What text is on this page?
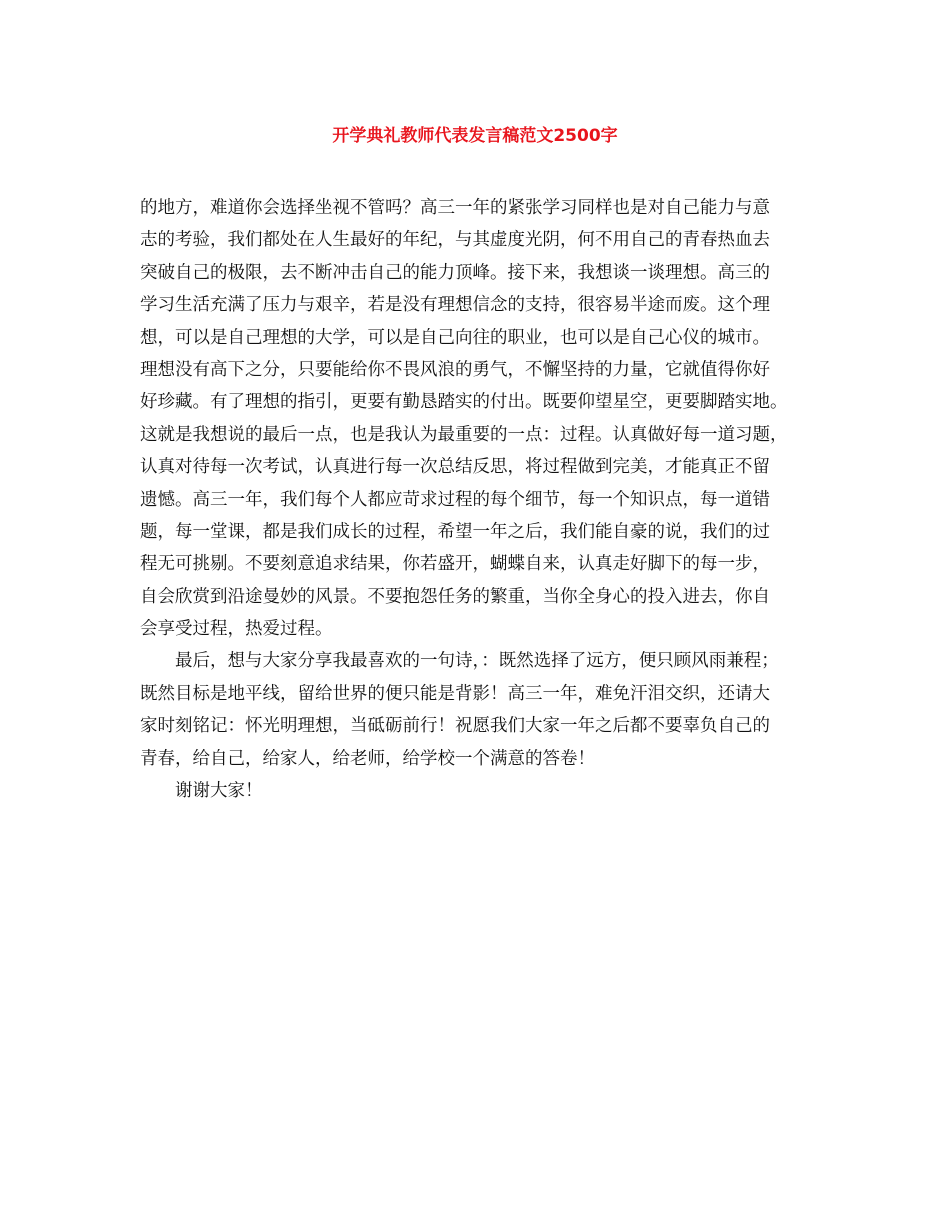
开学典礼教师代表发言稿范文2500字
的地方，难道你会选择坐视不管吗？高三一年的紧张学习同样也是对自己能力与意
志的考验，我们都处在人生最好的年纪，与其虚度光阴，何不用自己的青春热血去
突破自己的极限，去不断冲击自己的能力顶峰。接下来，我想谈一谈理想。高三的
学习生活充满了压力与艰辛，若是没有理想信念的支持，很容易半途而废。这个理
想，可以是自己理想的大学，可以是自己向往的职业，也可以是自己心仪的城市。
理想没有高下之分，只要能给你不畏风浪的勇气，不懈坚持的力量，它就值得你好
好珍藏。有了理想的指引，更要有勤恳踏实的付出。既要仰望星空，更要脚踏实地。
这就是我想说的最后一点，也是我认为最重要的一点：过程。认真做好每一道习题，
认真对待每一次考试，认真进行每一次总结反思，将过程做到完美，才能真正不留
遗憾。高三一年，我们每个人都应苛求过程的每个细节，每一个知识点，每一道错
题，每一堂课，都是我们成长的过程，希望一年之后，我们能自豪的说，我们的过
程无可挑剔。不要刻意追求结果，你若盛开，蝴蝶自来，认真走好脚下的每一步，
自会欣赏到沿途曼妙的风景。不要抱怨任务的繁重，当你全身心的投入进去，你自
会享受过程，热爱过程。
最后，想与大家分享我最喜欢的一句诗，：既然选择了远方，便只顾风雨兼程；
既然目标是地平线，留给世界的便只能是背影！高三一年，难免汗泪交织，还请大
家时刻铭记：怀光明理想，当砥砺前行！祝愿我们大家一年之后都不要辜负自己的
青春，给自己，给家人，给老师，给学校一个满意的答卷！
谢谢大家！
